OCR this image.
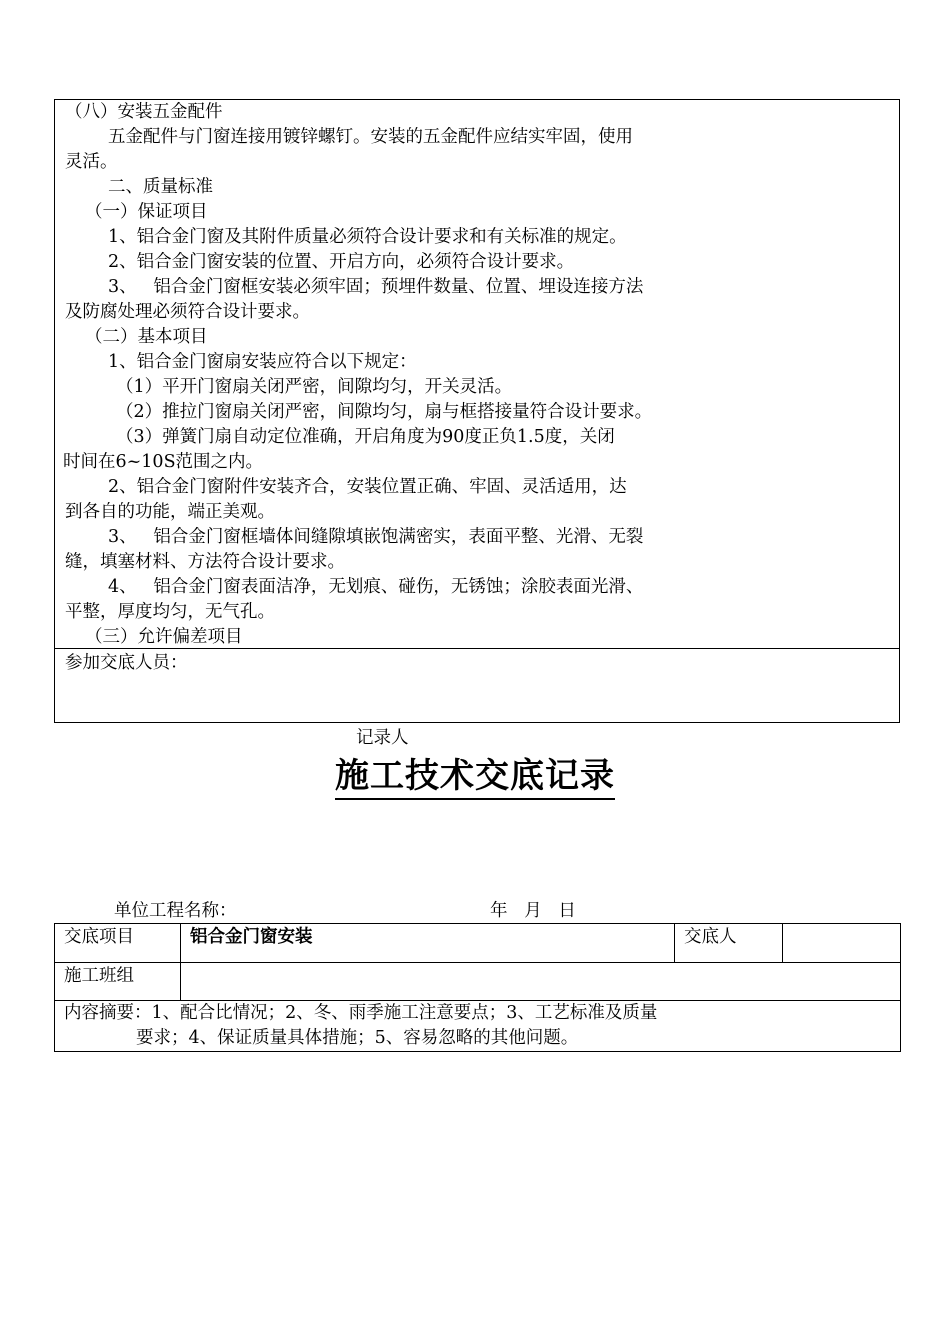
（八）安装五金配件
五金配件与门窗连接用镀锌螺钉。安装的五金配件应结实牢固，使用
灵活。
二、质量标准
（一）保证项目
1、铝合金门窗及其附件质量必须符合设计要求和有关标准的规定。
2、铝合金门窗安装的位置、开启方向，必须符合设计要求。
3、   铝合金门窗框安装必须牢固；预埋件数量、位置、埋设连接方法
及防腐处理必须符合设计要求。
（二）基本项目
1、铝合金门窗扇安装应符合以下规定：
（1）平开门窗扇关闭严密，间隙均匀，开关灵活。
（2）推拉门窗扇关闭严密，间隙均匀，扇与框搭接量符合设计要求。
（3）弹簧门扇自动定位准确，开启角度为90度正负1.5度，关闭
时间在6~10S范围之内。
2、铝合金门窗附件安装齐合，安装位置正确、牢固、灵活适用，达
到各自的功能，端正美观。
3、   铝合金门窗框墙体间缝隙填嵌饱满密实，表面平整、光滑、无裂
缝，填塞材料、方法符合设计要求。
4、   铝合金门窗表面洁净，无划痕、碰伤，无锈蚀；涂胶表面光滑、
平整，厚度均匀，无气孔。
（三）允许偏差项目
参加交底人员：
记录人
施工技术交底记录
单位工程名称：	年   月   日
交底项目	铝合金门窗安装	交底人	
施工班组			

内容摘要：1、配合比情况；2、冬、雨季施工注意要点；3、工艺标准及质量
要求；4、保证质量具体措施；5、容易忽略的其他问题。			
